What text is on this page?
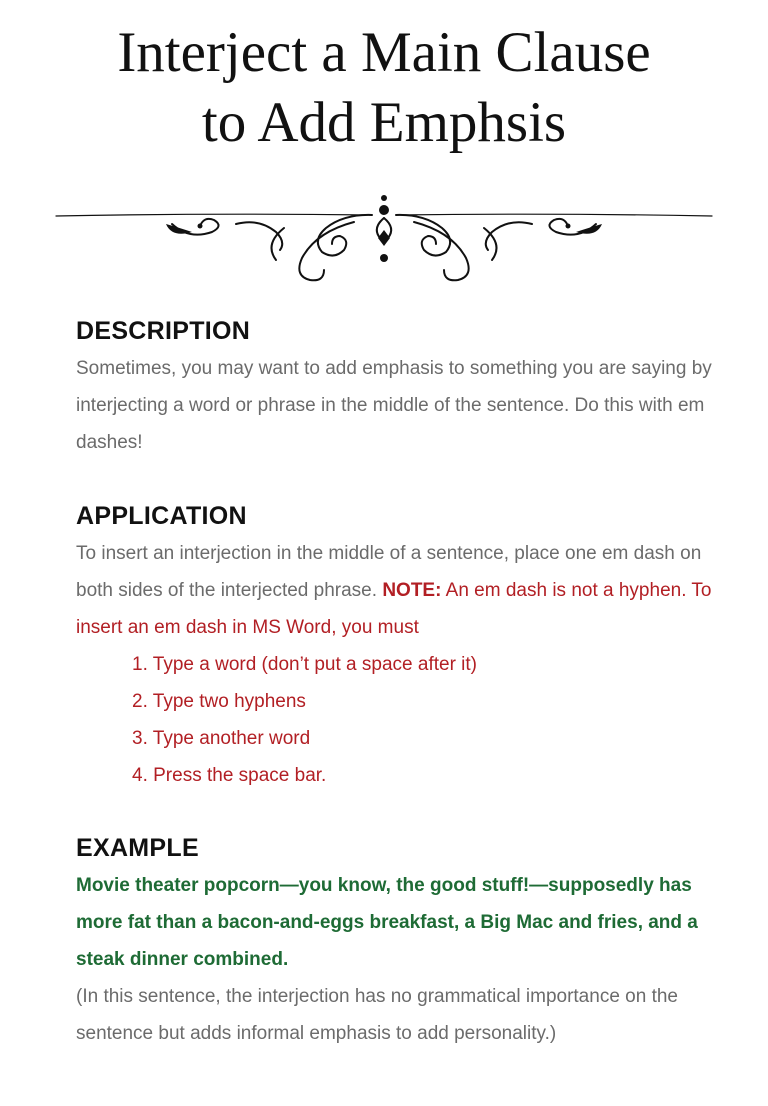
Interject a Main Clause
to Add Emphsis
DESCRIPTION

Sometimes, you may want to add emphasis to something you are saying by interjecting a word or phrase in the middle of the sentence. Do this with em dashes!

APPLICATION

To insert an interjection in the middle of a sentence, place one em dash on both sides of the interjected phrase. NOTE: An em dash is not a hyphen. To insert an em dash in MS Word, you must

1. Type a word (don’t put a space after it)
2. Type two hyphens
3. Type another word
4. Press the space bar.
EXAMPLE

Movie theater popcorn—you know, the good stuff!—supposedly has more fat than a bacon-and-eggs breakfast, a Big Mac and fries, and a steak dinner combined.

(In this sentence, the interjection has no grammatical importance on the sentence but adds informal emphasis to add personality.)
